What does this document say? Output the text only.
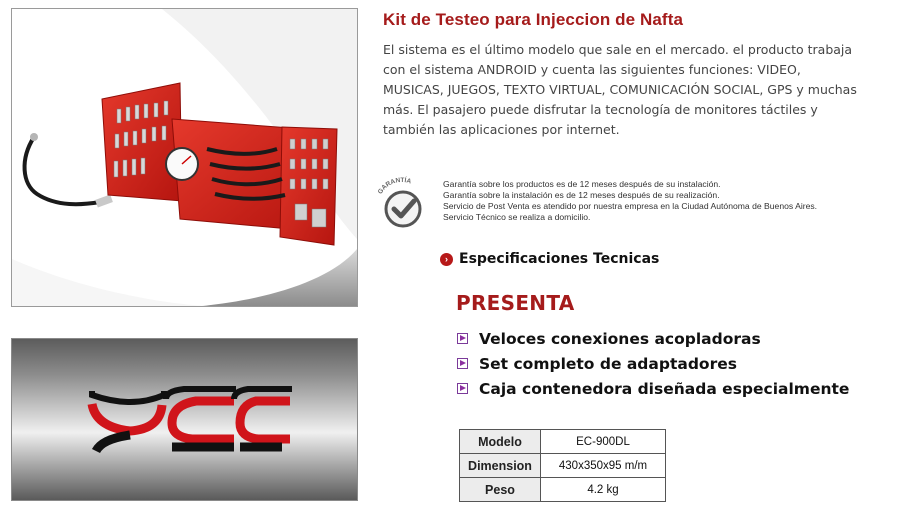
Kit de Testeo para Injeccion de Nafta

El sistema es el último modelo que sale en el mercado. el producto trabaja con el sistema ANDROID y cuenta las siguientes funciones: VIDEO, MUSICAS, JUEGOS, TEXTO VIRTUAL, COMUNICACIÓN SOCIAL, GPS y muchas más. El pasajero puede disfrutar la tecnología de monitores táctiles y también las aplicaciones por internet.

GARANTÍA	Garantía sobre los productos es de 12 meses después de su instalación.
Garantía sobre la instalación es de 12 meses después de su realización.
Servicio de Post Venta es atendido por nuestra empresa en la Ciudad Autónoma de Buenos Aires.
Servicio Técnico se realiza a domicilio.
› Especificaciones Tecnicas
PRESENTA
Veloces conexiones acopladoras
Set completo de adaptadores
Caja contenedora diseñada especialmente
Modelo	EC-900DL
Dimension	430x350x95 m/m
Peso	4.2 kg
